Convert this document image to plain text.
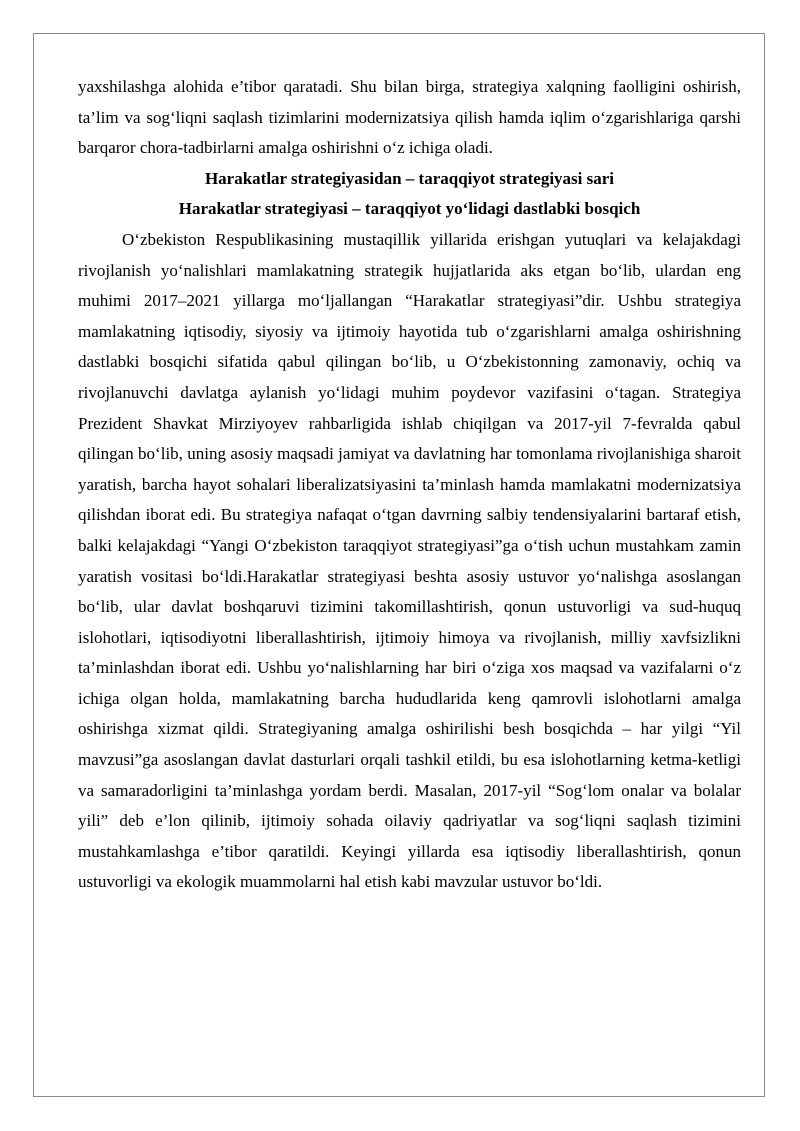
yaxshilashga alohida e’tibor qaratadi. Shu bilan birga, strategiya xalqning faolligini oshirish, ta’lim va sog‘liqni saqlash tizimlarini modernizatsiya qilish hamda iqlim o‘zgarishlariga qarshi barqaror chora-tadbirlarni amalga oshirishni o‘z ichiga oladi.

Harakatlar strategiyasidan – taraqqiyot strategiyasi sari

Harakatlar strategiyasi – taraqqiyot yo‘lidagi dastlabki bosqich

O‘zbekiston Respublikasining mustaqillik yillarida erishgan yutuqlari va kelajakdagi rivojlanish yo‘nalishlari mamlakatning strategik hujjatlarida aks etgan bo‘lib, ulardan eng muhimi 2017–2021 yillarga mo‘ljallangan “Harakatlar strategiyasi”dir. Ushbu strategiya mamlakatning iqtisodiy, siyosiy va ijtimoiy hayotida tub o‘zgarishlarni amalga oshirishning dastlabki bosqichi sifatida qabul qilingan bo‘lib, u O‘zbekistonning zamonaviy, ochiq va rivojlanuvchi davlatga aylanish yo‘lidagi muhim poydevor vazifasini o‘tagan. Strategiya Prezident Shavkat Mirziyoyev rahbarligida ishlab chiqilgan va 2017-yil 7-fevralda qabul qilingan bo‘lib, uning asosiy maqsadi jamiyat va davlatning har tomonlama rivojlanishiga sharoit yaratish, barcha hayot sohalari liberalizatsiyasini ta’minlash hamda mamlakatni modernizatsiya qilishdan iborat edi. Bu strategiya nafaqat o‘tgan davrning salbiy tendensiyalarini bartaraf etish, balki kelajakdagi “Yangi O‘zbekiston taraqqiyot strategiyasi”ga o‘tish uchun mustahkam zamin yaratish vositasi bo‘ldi.Harakatlar strategiyasi beshta asosiy ustuvor yo‘nalishga asoslangan bo‘lib, ular davlat boshqaruvi tizimini takomillashtirish, qonun ustuvorligi va sud-huquq islohotlari, iqtisodiyotni liberallashtirish, ijtimoiy himoya va rivojlanish, milliy xavfsizlikni ta’minlashdan iborat edi. Ushbu yo‘nalishlarning har biri o‘ziga xos maqsad va vazifalarni o‘z ichiga olgan holda, mamlakatning barcha hududlarida keng qamrovli islohotlarni amalga oshirishga xizmat qildi. Strategiyaning amalga oshirilishi besh bosqichda – har yilgi “Yil mavzusi”ga asoslangan davlat dasturlari orqali tashkil etildi, bu esa islohotlarning ketma-ketligi va samaradorligini ta’minlashga yordam berdi. Masalan, 2017-yil “Sog‘lom onalar va bolalar yili” deb e’lon qilinib, ijtimoiy sohada oilaviy qadriyatlar va sog‘liqni saqlash tizimini mustahkamlashga e’tibor qaratildi. Keyingi yillarda esa iqtisodiy liberallashtirish, qonun ustuvorligi va ekologik muammolarni hal etish kabi mavzular ustuvor bo‘ldi.
